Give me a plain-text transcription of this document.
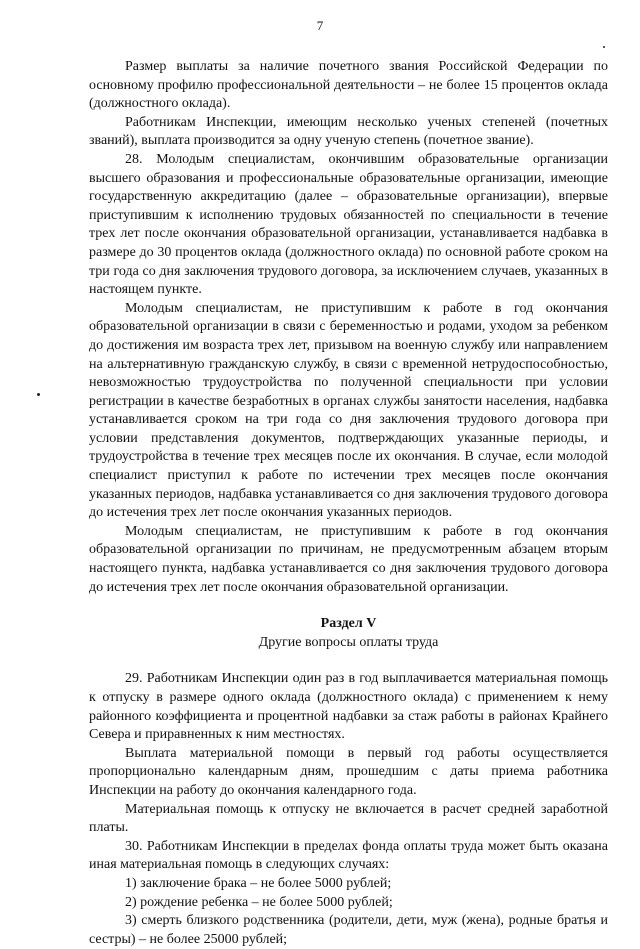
7

Размер выплаты за наличие почетного звания Российской Федерации по основному профилю профессиональной деятельности – не более 15 процентов оклада (должностного оклада).

Работникам Инспекции, имеющим несколько ученых степеней (почетных званий), выплата производится за одну ученую степень (почетное звание).

28. Молодым специалистам, окончившим образовательные организации высшего образования и профессиональные образовательные организации, имеющие государственную аккредитацию (далее – образовательные организации), впервые приступившим к исполнению трудовых обязанностей по специальности в течение трех лет после окончания образовательной организации, устанавливается надбавка в размере до 30 процентов оклада (должностного оклада) по основной работе сроком на три года со дня заключения трудового договора, за исключением случаев, указанных в настоящем пункте.

Молодым специалистам, не приступившим к работе в год окончания образовательной организации в связи с беременностью и родами, уходом за ребенком до достижения им возраста трех лет, призывом на военную службу или направлением на альтернативную гражданскую службу, в связи с временной нетрудоспособностью, невозможностью трудоустройства по полученной специальности при условии регистрации в качестве безработных в органах службы занятости населения, надбавка устанавливается сроком на три года со дня заключения трудового договора при условии представления документов, подтверждающих указанные периоды, и трудоустройства в течение трех месяцев после их окончания. В случае, если молодой специалист приступил к работе по истечении трех месяцев после окончания указанных периодов, надбавка устанавливается со дня заключения трудового договора до истечения трех лет после окончания указанных периодов.

Молодым специалистам, не приступившим к работе в год окончания образовательной организации по причинам, не предусмотренным абзацем вторым настоящего пункта, надбавка устанавливается со дня заключения трудового договора до истечения трех лет после окончания образовательной организации.

Раздел V

Другие вопросы оплаты труда

29. Работникам Инспекции один раз в год выплачивается материальная помощь к отпуску в размере одного оклада (должностного оклада) с применением к нему районного коэффициента и процентной надбавки за стаж работы в районах Крайнего Севера и приравненных к ним местностях.

Выплата материальной помощи в первый год работы осуществляется пропорционально календарным дням, прошедшим с даты приема работника Инспекции на работу до окончания календарного года.

Материальная помощь к отпуску не включается в расчет средней заработной платы.

30. Работникам Инспекции в пределах фонда оплаты труда может быть оказана иная материальная помощь в следующих случаях:

1) заключение брака – не более 5000 рублей;

2) рождение ребенка – не более 5000 рублей;

3) смерть близкого родственника (родители, дети, муж (жена), родные братья и сестры) – не более 25000 рублей;
